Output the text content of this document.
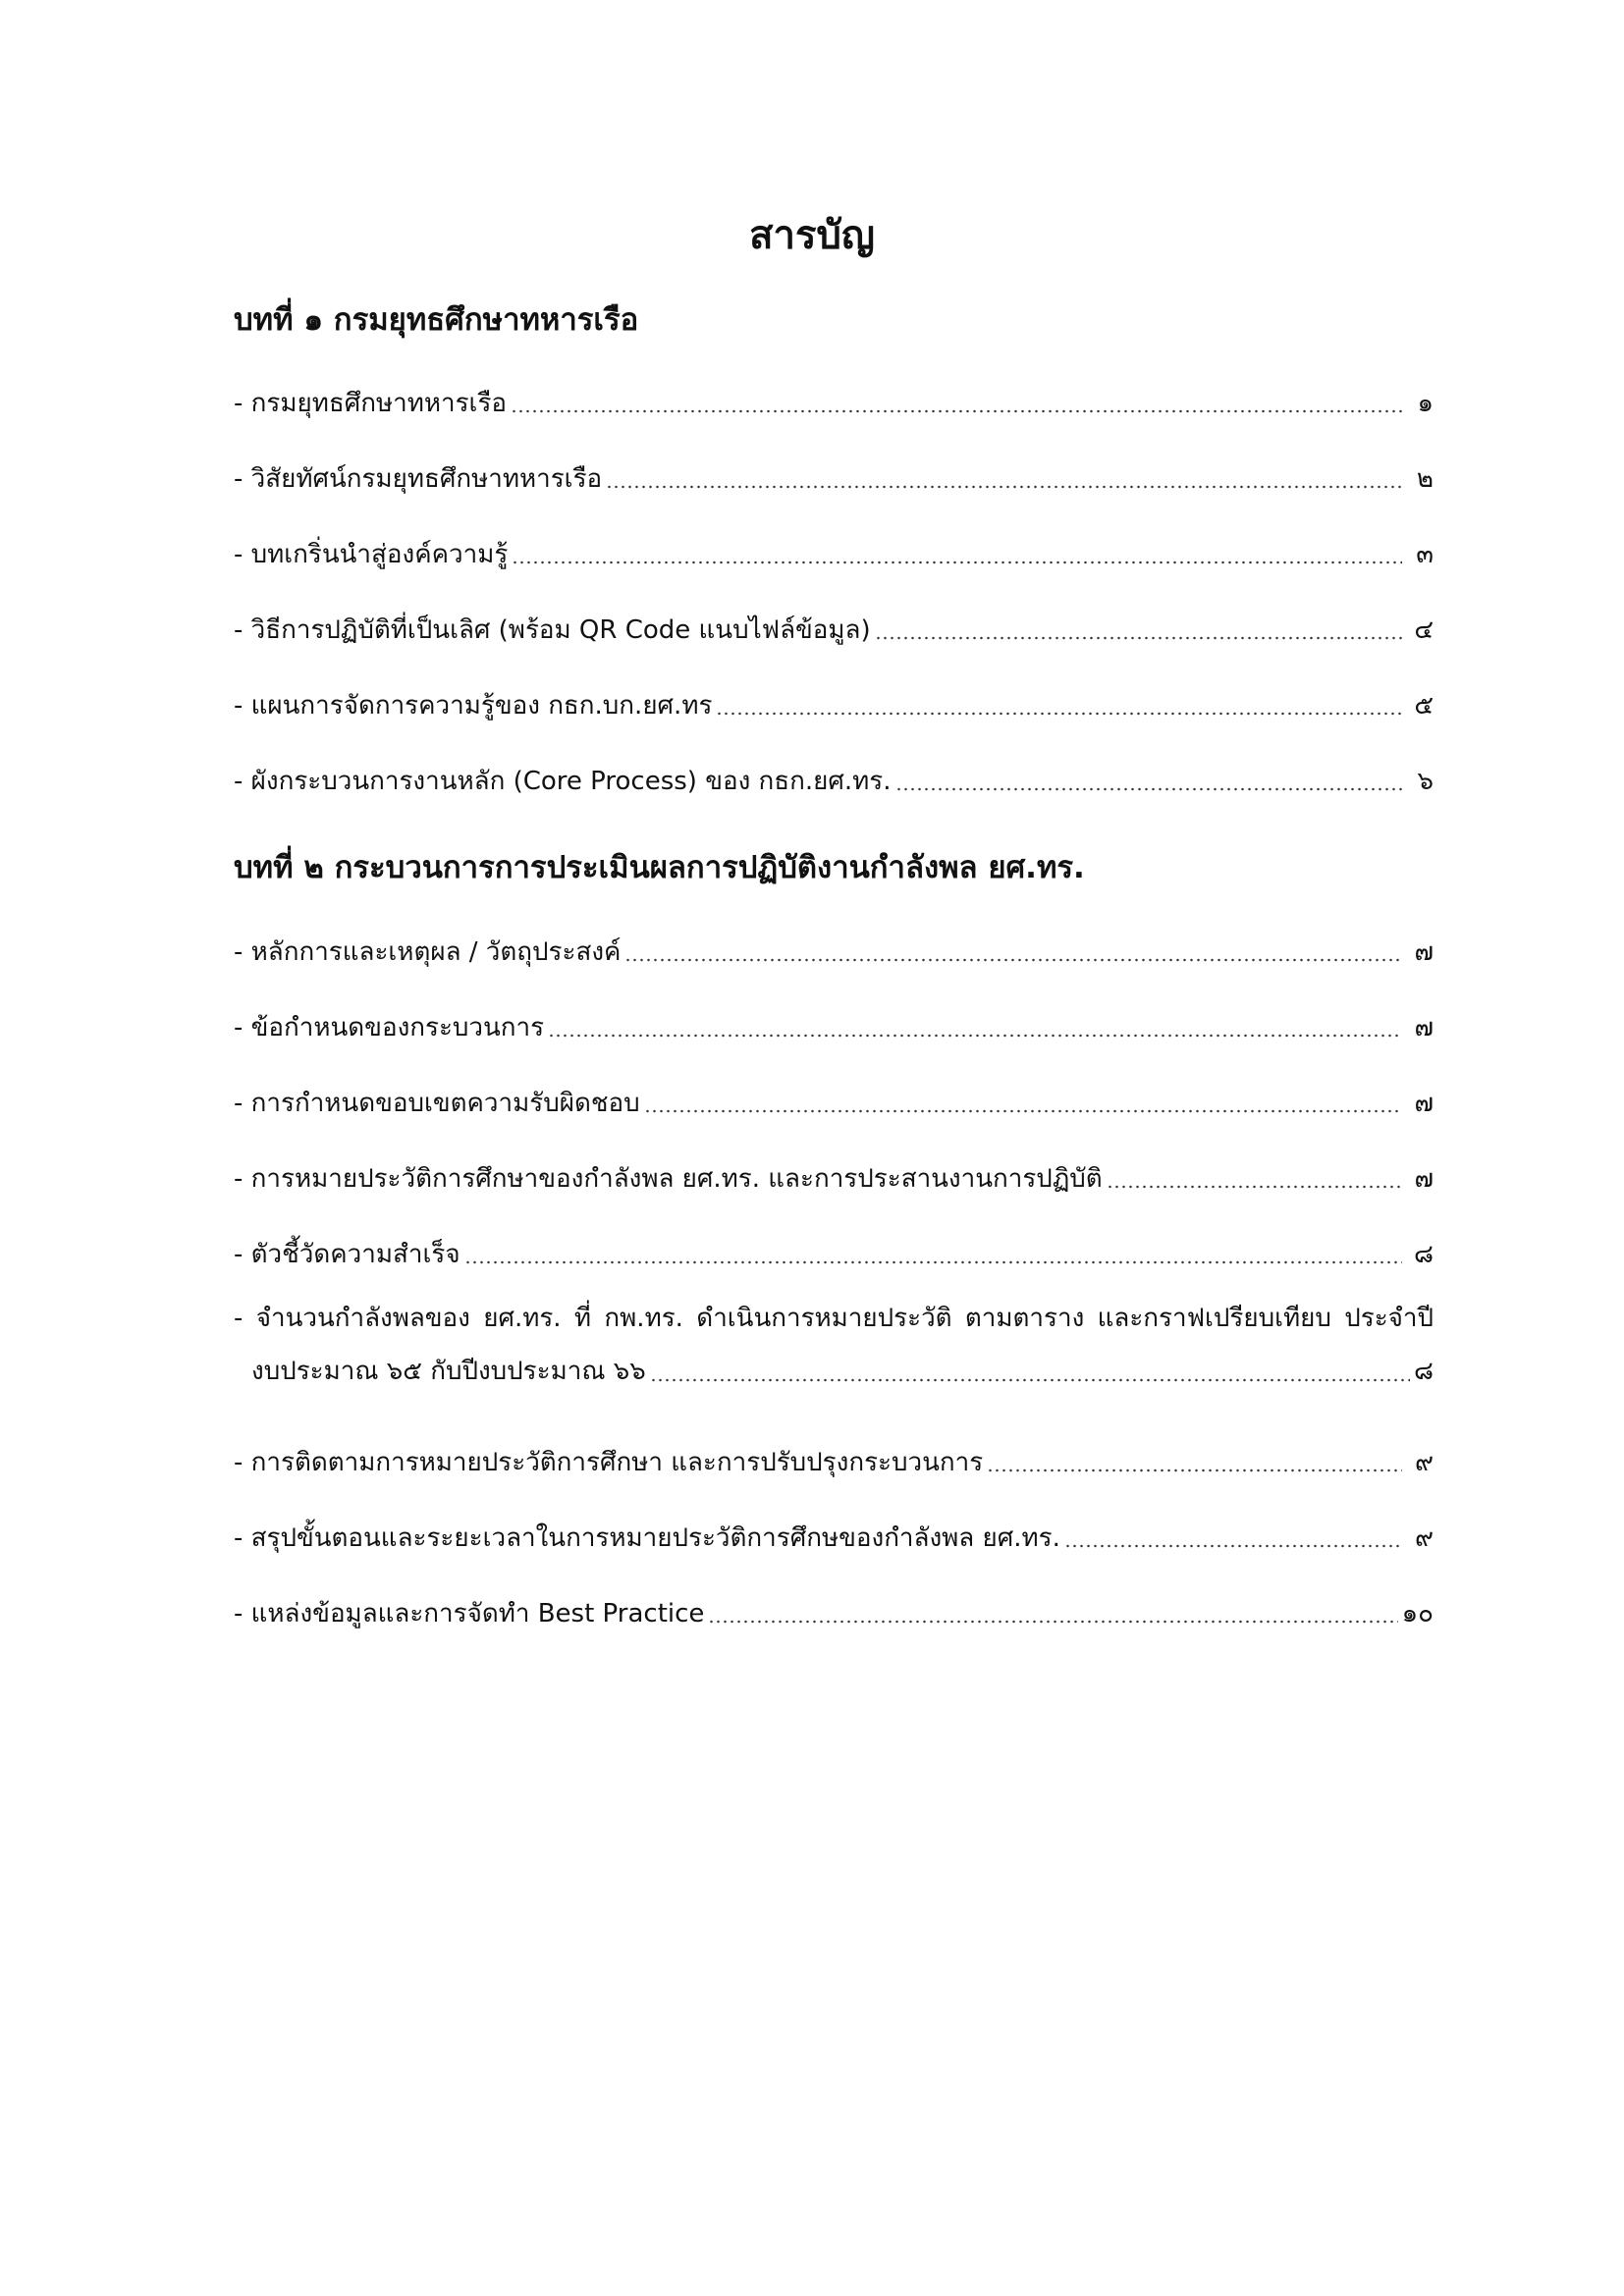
สารบัญ
บทที่ ๑ กรมยุทธศึกษาทหารเรือ
- กรมยุทธศึกษาทหารเรือ	๑
- วิสัยทัศน์กรมยุทธศึกษาทหารเรือ	๒
- บทเกริ่นนำสู่องค์ความรู้	๓
- วิธีการปฏิบัติที่เป็นเลิศ (พร้อม QR Code แนบไฟล์ข้อมูล)	๔
- แผนการจัดการความรู้ของ กธก.บก.ยศ.ทร	๕
- ผังกระบวนการงานหลัก (Core Process) ของ กธก.ยศ.ทร.	๖
บทที่ ๒ กระบวนการการประเมินผลการปฏิบัติงานกำลังพล ยศ.ทร.
- หลักการและเหตุผล / วัตถุประสงค์	๗
- ข้อกำหนดของกระบวนการ	๗
- การกำหนดขอบเขตความรับผิดชอบ	๗
- การหมายประวัติการศึกษาของกำลังพล ยศ.ทร. และการประสานงานการปฏิบัติ	๗
- ตัวชี้วัดความสำเร็จ	๘
- จำนวนกำลังพลของ ยศ.ทร. ที่ กพ.ทร. ดำเนินการหมายประวัติ ตามตาราง และกราฟเปรียบเทียบ ประจำปี
งบประมาณ ๖๕ กับปีงบประมาณ ๖๖	๘
- การติดตามการหมายประวัติการศึกษา และการปรับปรุงกระบวนการ	๙
- สรุปขั้นตอนและระยะเวลาในการหมายประวัติการศึกษของกำลังพล ยศ.ทร.	๙
- แหล่งข้อมูลและการจัดทำ Best Practice	๑๐
